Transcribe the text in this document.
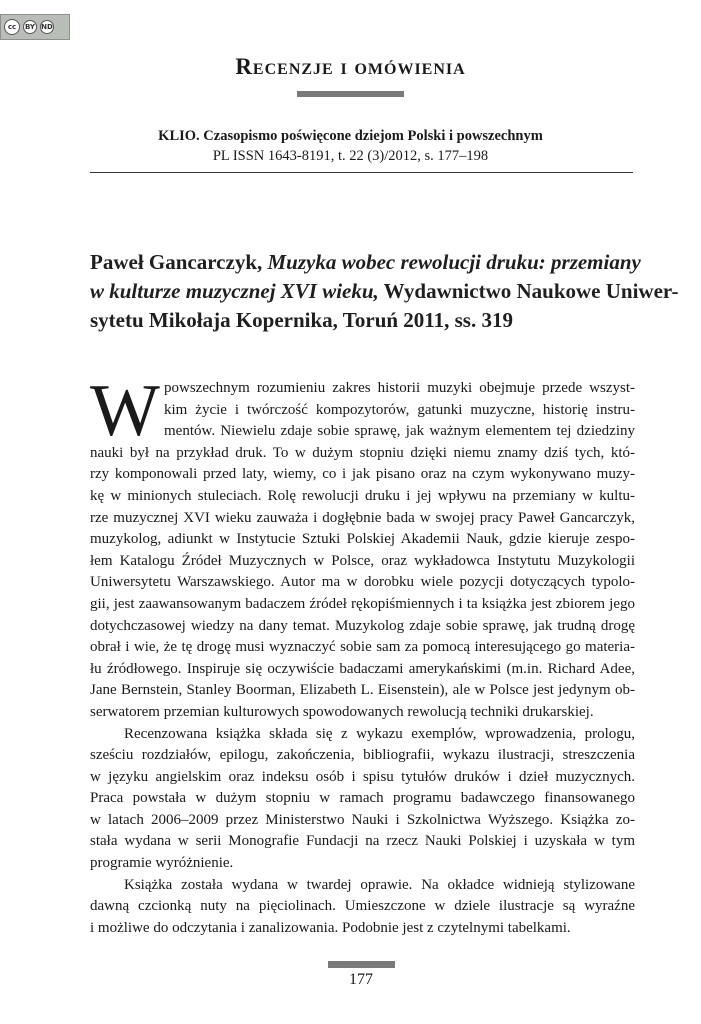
cc	BY ND
Recenzje i omówienia
KLIO. Czasopismo poświęcone dziejom Polski i powszechnym
PL ISSN 1643-8191, t. 22 (3)/2012, s. 177–198
Paweł Gancarczyk, Muzyka wobec rewolucji druku: przemiany
w kulturze muzycznej XVI wieku, Wydawnictwo Naukowe Uniwer-
sytetu Mikołaja Kopernika, Toruń 2011, ss. 319
W powszechnym rozumieniu zakres historii muzyki obejmuje przede wszyst-
kim życie i twórczość kompozytorów, gatunki muzyczne, historię instru-
mentów. Niewielu zdaje sobie sprawę, jak ważnym elementem tej dziedziny
nauki był na przykład druk. To w dużym stopniu dzięki niemu znamy dziś tych, któ-
rzy komponowali przed laty, wiemy, co i jak pisano oraz na czym wykonywano muzy-
kę w minionych stuleciach. Rolę rewolucji druku i jej wpływu na przemiany w kultu-
rze muzycznej XVI wieku zauważa i dogłębnie bada w swojej pracy Paweł Gancarczyk,
muzykolog, adiunkt w Instytucie Sztuki Polskiej Akademii Nauk, gdzie kieruje zespo-
łem Katalogu Źródeł Muzycznych w Polsce, oraz wykładowca Instytutu Muzykologii
Uniwersytetu Warszawskiego. Autor ma w dorobku wiele pozycji dotyczących typolo-
gii, jest zaawansowanym badaczem źródeł rękopiśmiennych i ta książka jest zbiorem jego
dotychczasowej wiedzy na dany temat. Muzykolog zdaje sobie sprawę, jak trudną drogę
obrał i wie, że tę drogę musi wyznaczyć sobie sam za pomocą interesującego go materia-
łu źródłowego. Inspiruje się oczywiście badaczami amerykańskimi (m.in. Richard Adee,
Jane Bernstein, Stanley Boorman, Elizabeth L. Eisenstein), ale w Polsce jest jedynym ob-
serwatorem przemian kulturowych spowodowanych rewolucją techniki drukarskiej.
Recenzowana książka składa się z wykazu exemplów, wprowadzenia, prologu,
sześciu rozdziałów, epilogu, zakończenia, bibliografii, wykazu ilustracji, streszczenia
w języku angielskim oraz indeksu osób i spisu tytułów druków i dzieł muzycznych.
Praca powstała w dużym stopniu w ramach programu badawczego finansowanego
w latach 2006–2009 przez Ministerstwo Nauki i Szkolnictwa Wyższego. Książka zo-
stała wydana w serii Monografie Fundacji na rzecz Nauki Polskiej i uzyskała w tym
programie wyróżnienie.
Książka została wydana w twardej oprawie. Na okładce widnieją stylizowane
dawną czcionką nuty na pięciolinach. Umieszczone w dziele ilustracje są wyraźne
i możliwe do odczytania i zanalizowania. Podobnie jest z czytelnymi tabelkami.
177
